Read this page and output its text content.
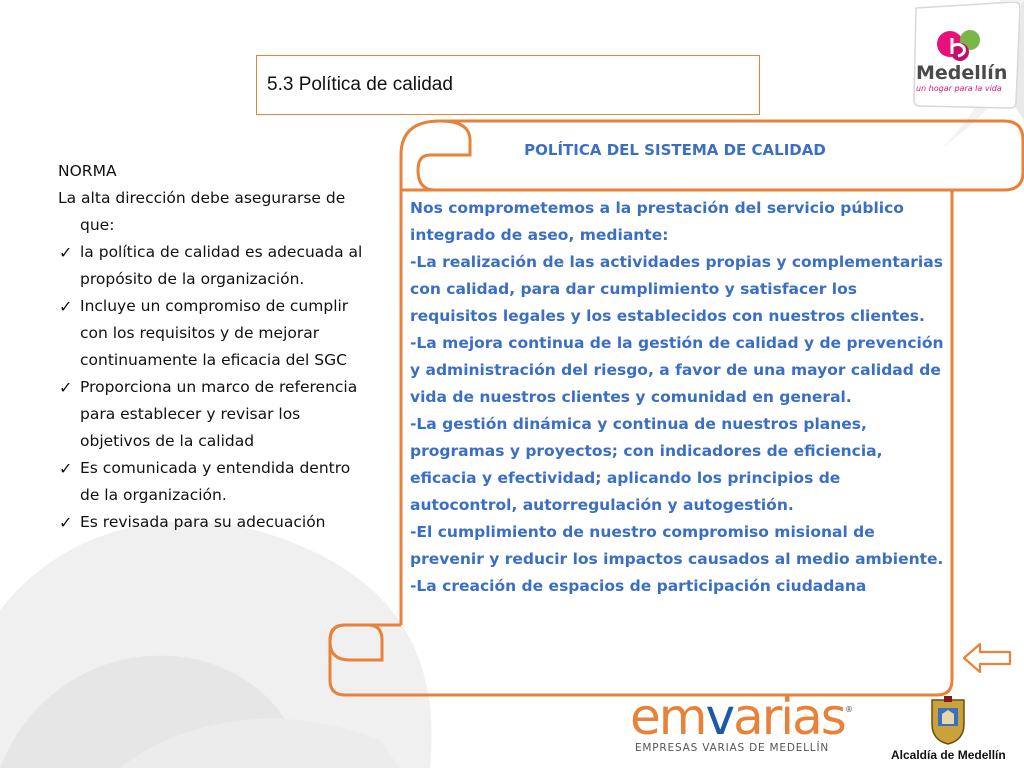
5.3 Política de calidad

NORMA

La alta dirección debe asegurarse de que:

✓ la política de calidad es adecuada al propósito de la organización.
✓ Incluye un compromiso de cumplir con los requisitos y de mejorar continuamente la eficacia del SGC
✓ Proporciona un marco de referencia para establecer y revisar los objetivos de la calidad
✓ Es comunicada y entendida dentro de la organización.
✓ Es revisada para su adecuación
POLÍTICA DEL SISTEMA DE CALIDAD

Nos comprometemos a la prestación del servicio público integrado de aseo, mediante:

-La realización de las actividades propias y complementarias con calidad, para dar cumplimiento y satisfacer los requisitos legales y los establecidos con nuestros clientes.

-La mejora continua de la gestión de calidad y de prevención y administración del riesgo, a favor de una mayor calidad de vida de nuestros clientes y comunidad en general.

-La gestión dinámica y continua de nuestros planes, programas y proyectos; con indicadores de eficiencia, eficacia y efectividad; aplicando los principios de autocontrol, autorregulación y autogestión.

-El cumplimiento de nuestro compromiso misional de prevenir y reducir los impactos causados al medio ambiente.

-La creación de espacios de participación ciudadana

Medellín
un hogar para la vida
emvarias ®
EMPRESAS VARIAS DE MEDELLÍN	Alcaldía de Medellín
